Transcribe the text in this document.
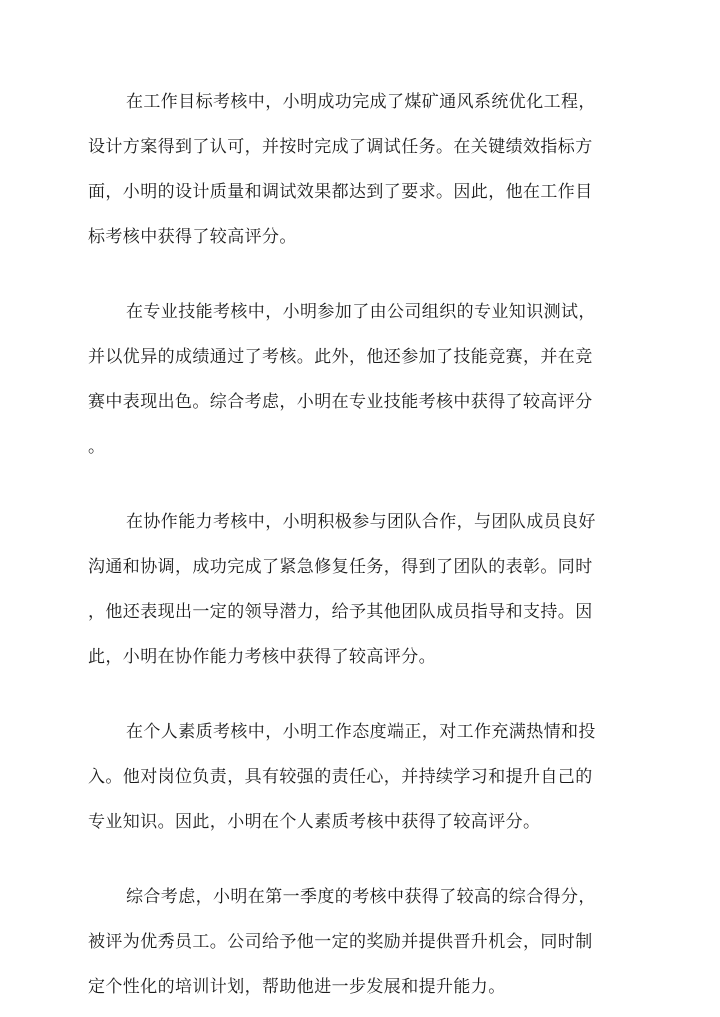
在工作目标考核中，小明成功完成了煤矿通风系统优化工程，
设计方案得到了认可，并按时完成了调试任务。在关键绩效指标方
面，小明的设计质量和调试效果都达到了要求。因此，他在工作目
标考核中获得了较高评分。

在专业技能考核中，小明参加了由公司组织的专业知识测试，
并以优异的成绩通过了考核。此外，他还参加了技能竞赛，并在竞
赛中表现出色。综合考虑，小明在专业技能考核中获得了较高评分
。

在协作能力考核中，小明积极参与团队合作，与团队成员良好
沟通和协调，成功完成了紧急修复任务，得到了团队的表彰。同时
，他还表现出一定的领导潜力，给予其他团队成员指导和支持。因
此，小明在协作能力考核中获得了较高评分。

在个人素质考核中，小明工作态度端正，对工作充满热情和投
入。他对岗位负责，具有较强的责任心，并持续学习和提升自己的
专业知识。因此，小明在个人素质考核中获得了较高评分。

综合考虑，小明在第一季度的考核中获得了较高的综合得分，
被评为优秀员工。公司给予他一定的奖励并提供晋升机会，同时制
定个性化的培训计划，帮助他进一步发展和提升能力。
